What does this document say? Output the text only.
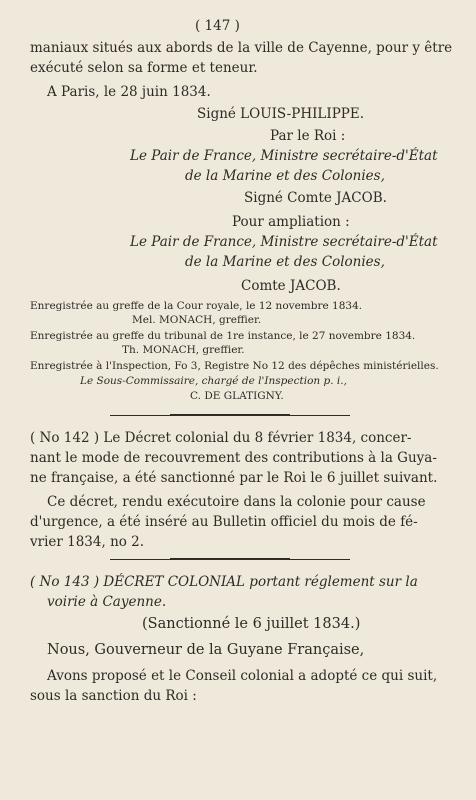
( 147 )
maniaux situés aux abords de la ville de Cayenne, pour y être
exécuté selon sa forme et teneur.
A Paris, le 28 juin 1834.
Signé LOUIS-PHILIPPE.
Par le Roi :
Le Pair de France, Ministre secrétaire-d'État
de la Marine et des Colonies,
Signé Comte JACOB.
Pour ampliation :
Le Pair de France, Ministre secrétaire-d'État
de la Marine et des Colonies,
Comte JACOB.
Enregistrée au greffe de la Cour royale, le 12 novembre 1834.
Mel. MONACH, greffier.
Enregistrée au greffe du tribunal de 1re instance, le 27 novembre 1834.
Th. MONACH, greffier.
Enregistrée à l'Inspection, Fo 3, Registre No 12 des dépêches ministérielles.
Le Sous-Commissaire, chargé de l'Inspection p. i.,
C. DE GLATIGNY.
( No 142 ) Le Décret colonial du 8 février 1834, concer-
nant le mode de recouvrement des contributions à la Guya-
ne française, a été sanctionné par le Roi le 6 juillet suivant.
Ce décret, rendu exécutoire dans la colonie pour cause
d'urgence, a été inséré au Bulletin officiel du mois de fé-
vrier 1834, no 2.
( No 143 ) DÉCRET COLONIAL portant réglement sur la
voirie à Cayenne.
(Sanctionné le 6 juillet 1834.)
Nous, Gouverneur de la Guyane Française,
Avons proposé et le Conseil colonial a adopté ce qui suit,
sous la sanction du Roi :
